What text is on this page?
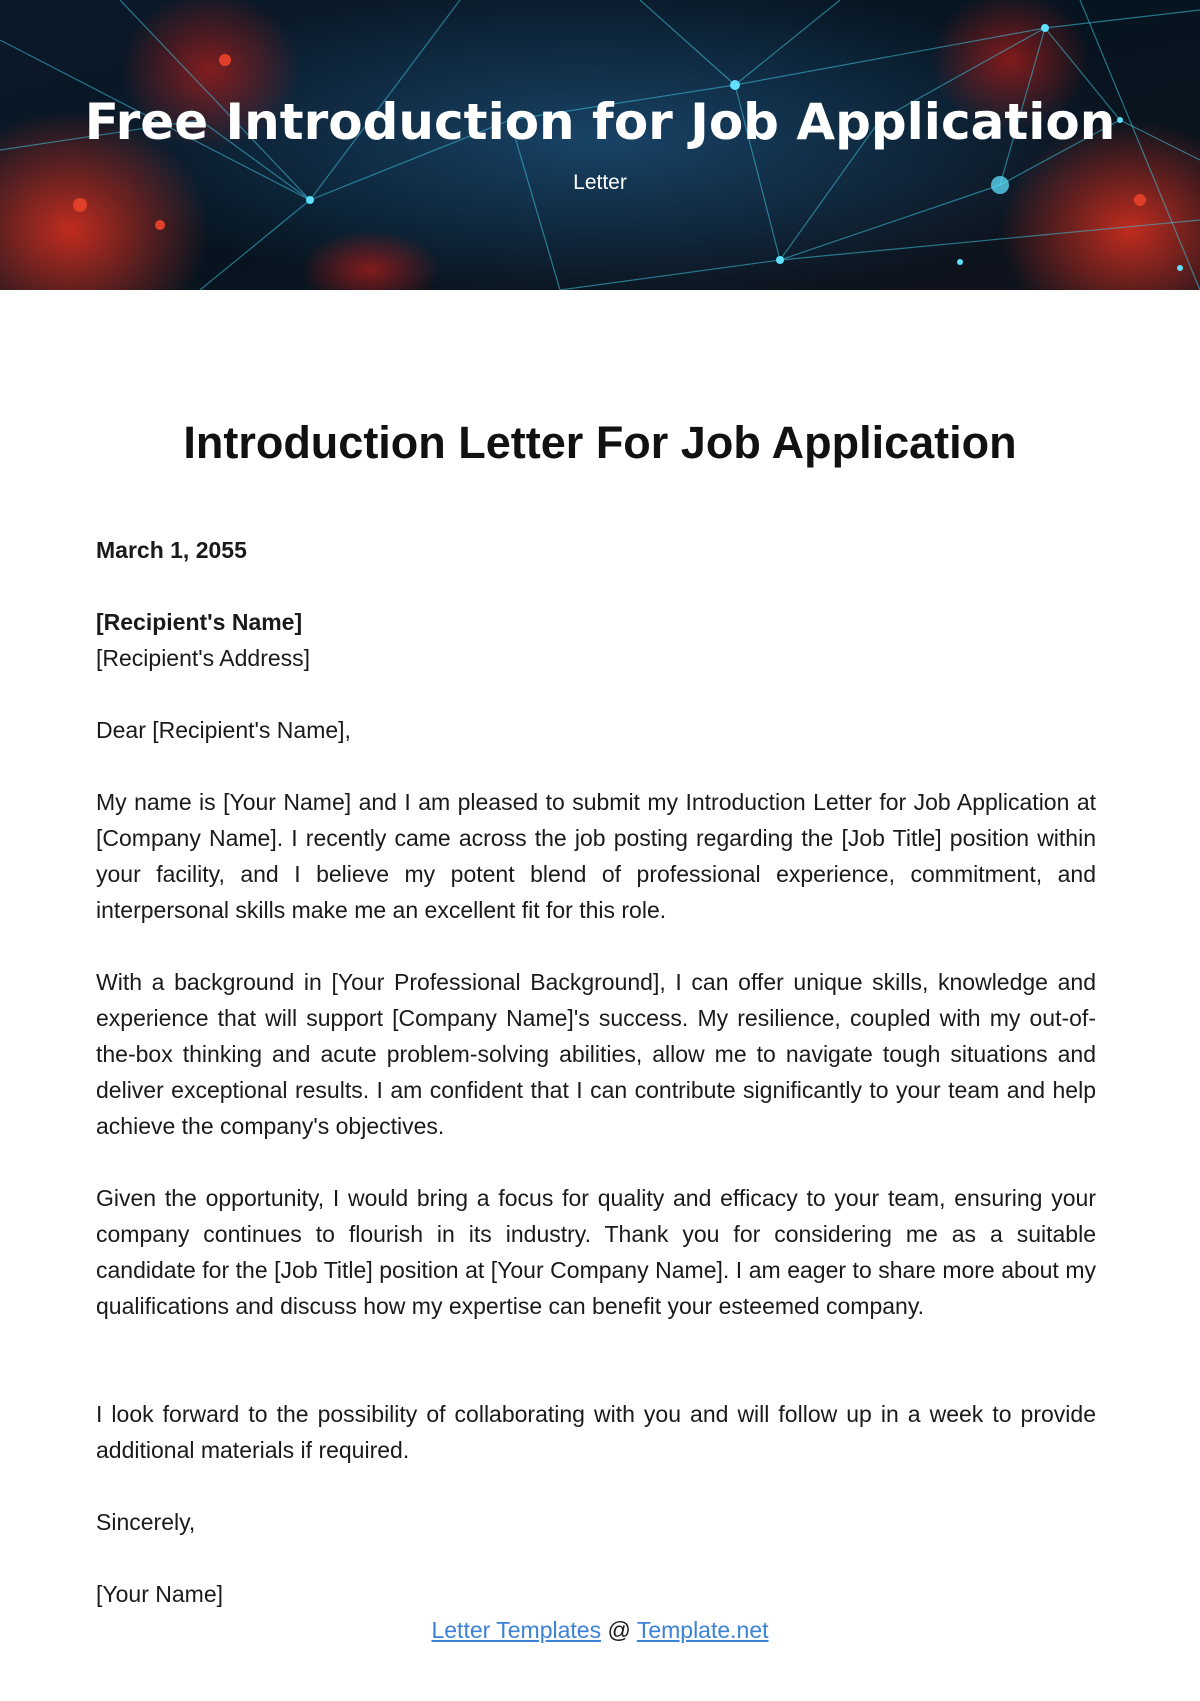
Free Introduction for Job Application
Letter
Introduction Letter For Job Application
March 1, 2055
[Recipient's Name]
[Recipient's Address]
Dear [Recipient's Name],
My name is [Your Name] and I am pleased to submit my Introduction Letter for Job Application at [Company Name]. I recently came across the job posting regarding the [Job Title] position within your facility, and I believe my potent blend of professional experience, commitment, and interpersonal skills make me an excellent fit for this role.
With a background in [Your Professional Background], I can offer unique skills, knowledge and experience that will support [Company Name]'s success. My resilience, coupled with my out-of-the-box thinking and acute problem-solving abilities, allow me to navigate tough situations and deliver exceptional results. I am confident that I can contribute significantly to your team and help achieve the company's objectives.
Given the opportunity, I would bring a focus for quality and efficacy to your team, ensuring your company continues to flourish in its industry. Thank you for considering me as a suitable candidate for the [Job Title] position at [Your Company Name]. I am eager to share more about my qualifications and discuss how my expertise can benefit your esteemed company.
I look forward to the possibility of collaborating with you and will follow up in a week to provide additional materials if required.
Sincerely,
[Your Name]
Letter Templates @ Template.net
